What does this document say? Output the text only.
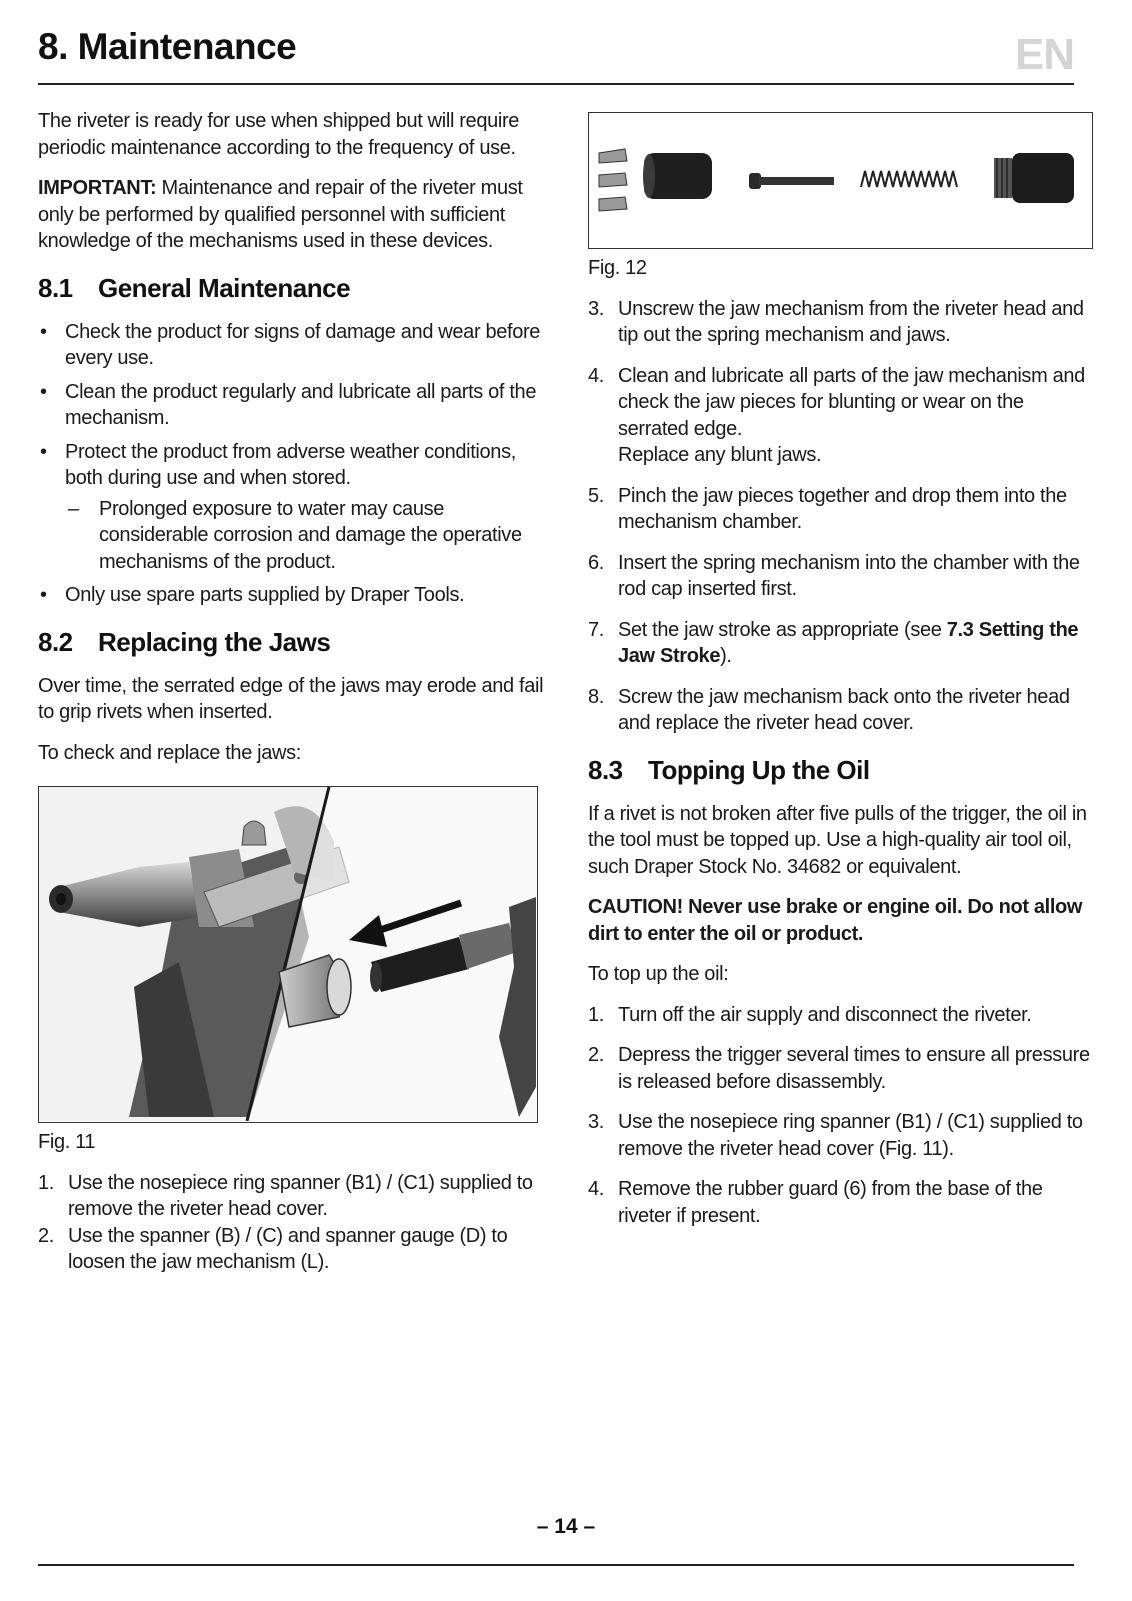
8. Maintenance	EN

The riveter is ready for use when shipped but will require periodic maintenance according to the frequency of use.

IMPORTANT: Maintenance and repair of the riveter must only be performed by qualified personnel with sufficient knowledge of the mechanisms used in these devices.

8.1 General Maintenance
• Check the product for signs of damage and wear before every use.
• Clean the product regularly and lubricate all parts of the mechanism.
• Protect the product from adverse weather conditions, both during use and when stored.
– Prolonged exposure to water may cause considerable corrosion and damage the operative mechanisms of the product.
• Only use spare parts supplied by Draper Tools.
8.2 Replacing the Jaws

Over time, the serrated edge of the jaws may erode and fail to grip rivets when inserted.

To check and replace the jaws:

Fig. 11
1. Use the nosepiece ring spanner (B1) / (C1) supplied to remove the riveter head cover.
2. Use the spanner (B) / (C) and spanner gauge (D) to loosen the jaw mechanism (L).
Fig. 12
3. Unscrew the jaw mechanism from the riveter head and tip out the spring mechanism and jaws.
4. Clean and lubricate all parts of the jaw mechanism and check the jaw pieces for blunting or wear on the serrated edge.
Replace any blunt jaws.
5. Pinch the jaw pieces together and drop them into the mechanism chamber.
6. Insert the spring mechanism into the chamber with the rod cap inserted first.
7. Set the jaw stroke as appropriate (see 7.3 Setting the Jaw Stroke).
8. Screw the jaw mechanism back onto the riveter head and replace the riveter head cover.
8.3 Topping Up the Oil

If a rivet is not broken after five pulls of the trigger, the oil in the tool must be topped up. Use a high-quality air tool oil, such Draper Stock No. 34682 or equivalent.

CAUTION! Never use brake or engine oil. Do not allow dirt to enter the oil or product.

To top up the oil:

1. Turn off the air supply and disconnect the riveter.
2. Depress the trigger several times to ensure all pressure is released before disassembly.
3. Use the nosepiece ring spanner (B1) / (C1) supplied to remove the riveter head cover (Fig. 11).
4. Remove the rubber guard (6) from the base of the riveter if present.
– 14 –
